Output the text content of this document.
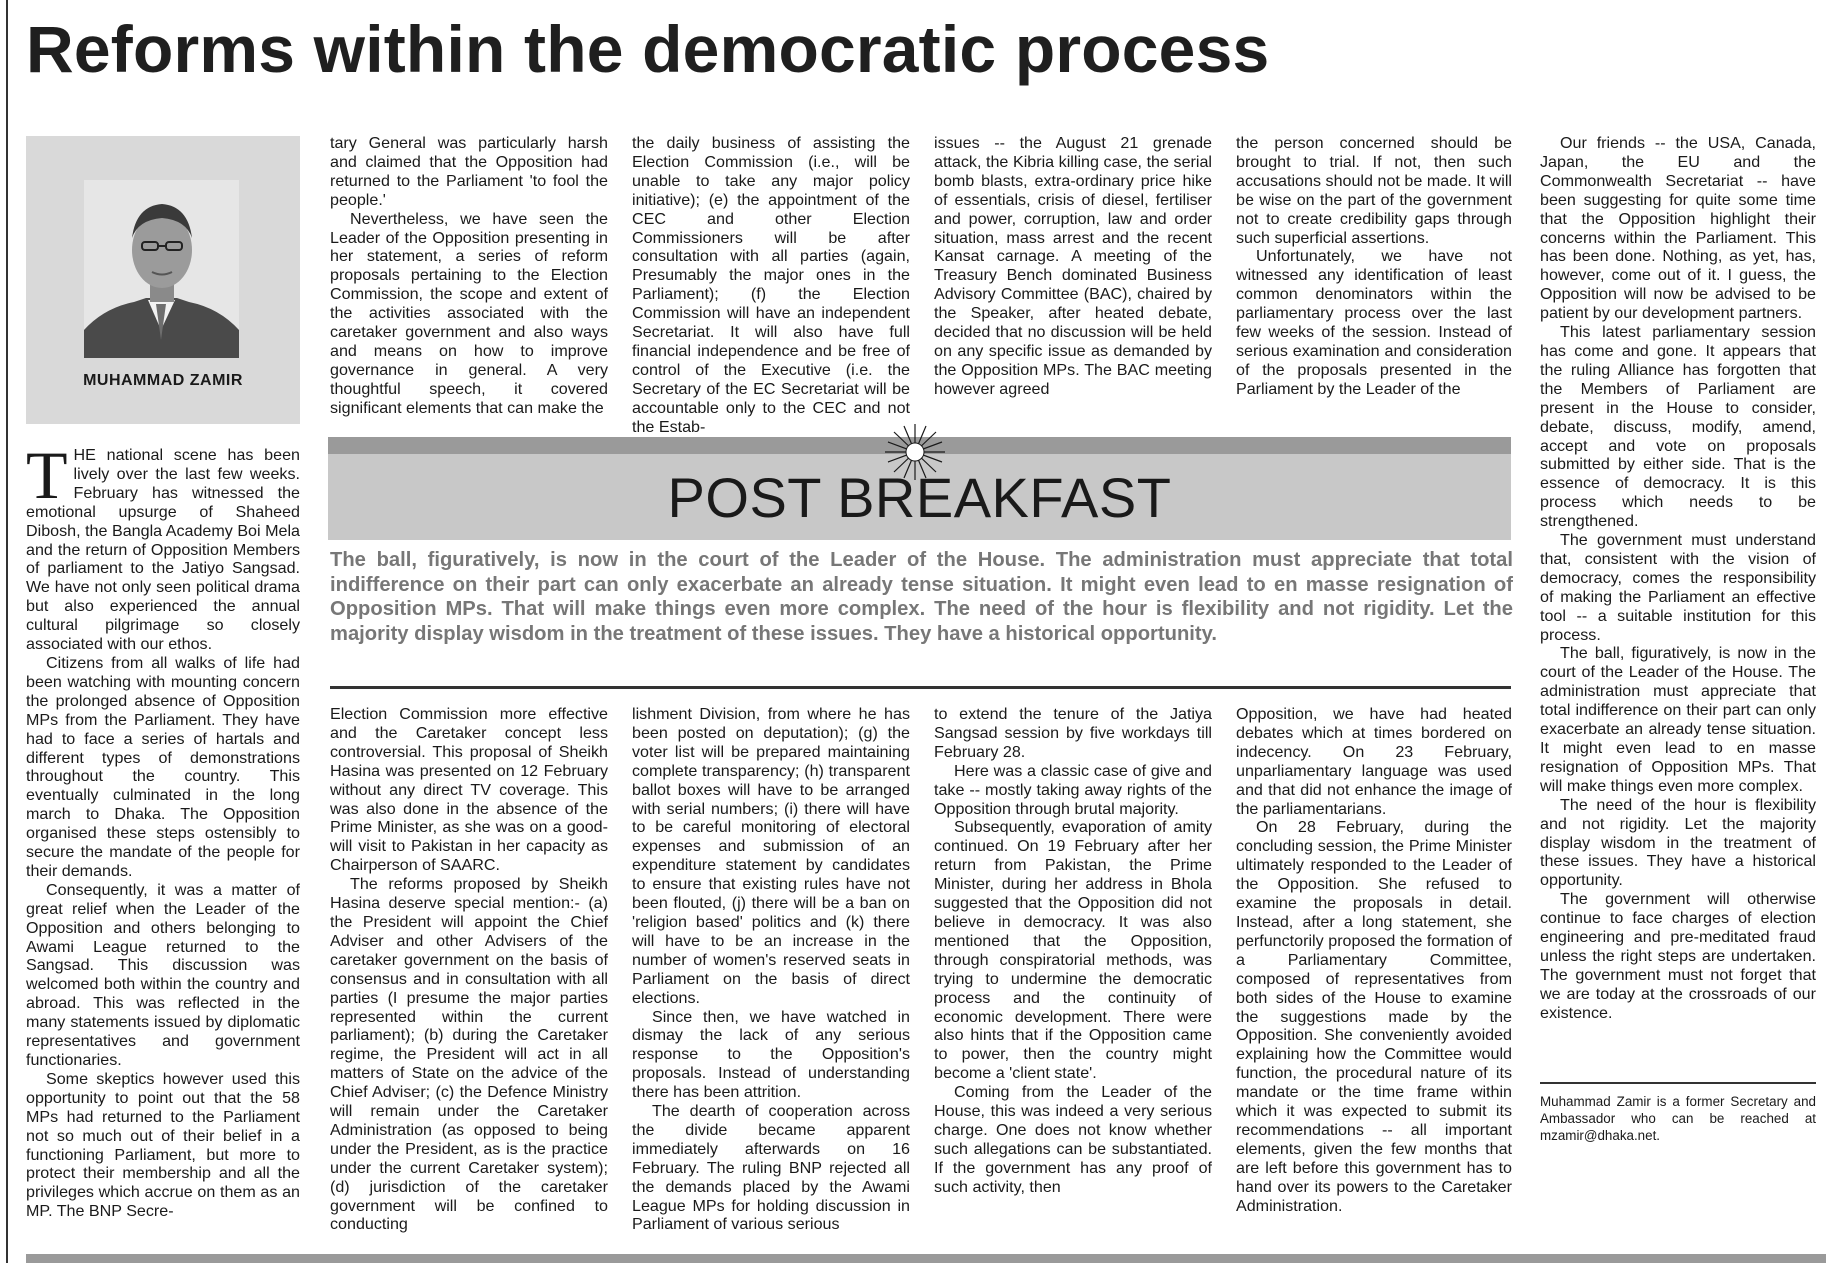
Reforms within the democratic process
MUHAMMAD ZAMIR

THE national scene has been lively over the last few weeks. February has witnessed the emotional upsurge of Shaheed Dibosh, the Bangla Academy Boi Mela and the return of Opposition Members of parliament to the Jatiyo Sangsad. We have not only seen political drama but also experienced the annual cultural pilgrimage so closely associated with our ethos.

Citizens from all walks of life had been watching with mounting concern the prolonged absence of Opposition MPs from the Parliament. They have had to face a series of hartals and different types of demonstrations throughout the country. This eventually culminated in the long march to Dhaka. The Opposition organised these steps ostensibly to secure the mandate of the people for their demands.

Consequently, it was a matter of great relief when the Leader of the Opposition and others belonging to Awami League returned to the Sangsad. This discussion was welcomed both within the country and abroad. This was reflected in the many statements issued by diplomatic representatives and government functionaries.

Some skeptics however used this opportunity to point out that the 58 MPs had returned to the Parliament not so much out of their belief in a functioning Parliament, but more to protect their membership and all the privileges which accrue on them as an MP. The BNP Secre-

tary General was particularly harsh and claimed that the Opposition had returned to the Parliament 'to fool the people.'

Nevertheless, we have seen the Leader of the Opposition presenting in her statement, a series of reform proposals pertaining to the Election Commission, the scope and extent of the activities associated with the caretaker government and also ways and means on how to improve governance in general. A very thoughtful speech, it covered significant elements that can make the

the daily business of assisting the Election Commission (i.e., will be unable to take any major policy initiative); (e) the appointment of the CEC and other Election Commissioners will be after consultation with all parties (again, Presumably the major ones in the Parliament); (f) the Election Commission will have an independent Secretariat. It will also have full financial independence and be free of control of the Executive (i.e. the Secretary of the EC Secretariat will be accountable only to the CEC and not the Estab-

issues -- the August 21 grenade attack, the Kibria killing case, the serial bomb blasts, extra-ordinary price hike of essentials, crisis of diesel, fertiliser and power, corruption, law and order situation, mass arrest and the recent Kansat carnage. A meeting of the Treasury Bench dominated Business Advisory Committee (BAC), chaired by the Speaker, after heated debate, decided that no discussion will be held on any specific issue as demanded by the Opposition MPs. The BAC meeting however agreed

the person concerned should be brought to trial. If not, then such accusations should not be made. It will be wise on the part of the government not to create credibility gaps through such superficial assertions.

Unfortunately, we have not witnessed any identification of least common denominators within the parliamentary process over the last few weeks of the session. Instead of serious examination and consideration of the proposals presented in the Parliament by the Leader of the

POST BREAKFAST
The ball, figuratively, is now in the court of the Leader of the House. The administration must appreciate that total indifference on their part can only exacerbate an already tense situation. It might even lead to en masse resignation of Opposition MPs. That will make things even more complex. The need of the hour is flexibility and not rigidity. Let the majority display wisdom in the treatment of these issues. They have a historical opportunity.

Election Commission more effective and the Caretaker concept less controversial. This proposal of Sheikh Hasina was presented on 12 February without any direct TV coverage. This was also done in the absence of the Prime Minister, as she was on a good-will visit to Pakistan in her capacity as Chairperson of SAARC.

The reforms proposed by Sheikh Hasina deserve special mention:- (a) the President will appoint the Chief Adviser and other Advisers of the caretaker government on the basis of consensus and in consultation with all parties (I presume the major parties represented within the current parliament); (b) during the Caretaker regime, the President will act in all matters of State on the advice of the Chief Adviser; (c) the Defence Ministry will remain under the Caretaker Administration (as opposed to being under the President, as is the practice under the current Caretaker system); (d) jurisdiction of the caretaker government will be confined to conducting

lishment Division, from where he has been posted on deputation); (g) the voter list will be prepared maintaining complete transparency; (h) transparent ballot boxes will have to be arranged with serial numbers; (i) there will have to be careful monitoring of electoral expenses and submission of an expenditure statement by candidates to ensure that existing rules have not been flouted, (j) there will be a ban on 'religion based' politics and (k) there will have to be an increase in the number of women's reserved seats in Parliament on the basis of direct elections.

Since then, we have watched in dismay the lack of any serious response to the Opposition's proposals. Instead of understanding there has been attrition.

The dearth of cooperation across the divide became apparent immediately afterwards on 16 February. The ruling BNP rejected all the demands placed by the Awami League MPs for holding discussion in Parliament of various serious

to extend the tenure of the Jatiya Sangsad session by five workdays till February 28.

Here was a classic case of give and take -- mostly taking away rights of the Opposition through brutal majority.

Subsequently, evaporation of amity continued. On 19 February after her return from Pakistan, the Prime Minister, during her address in Bhola suggested that the Opposition did not believe in democracy. It was also mentioned that the Opposition, through conspiratorial methods, was trying to undermine the democratic process and the continuity of economic development. There were also hints that if the Opposition came to power, then the country might become a 'client state'.

Coming from the Leader of the House, this was indeed a very serious charge. One does not know whether such allegations can be substantiated. If the government has any proof of such activity, then

Opposition, we have had heated debates which at times bordered on indecency. On 23 February, unparliamentary language was used and that did not enhance the image of the parliamentarians.

On 28 February, during the concluding session, the Prime Minister ultimately responded to the Leader of the Opposition. She refused to examine the proposals in detail. Instead, after a long statement, she perfunctorily proposed the formation of a Parliamentary Committee, composed of representatives from both sides of the House to examine the suggestions made by the Opposition. She conveniently avoided explaining how the Committee would function, the procedural nature of its mandate or the time frame within which it was expected to submit its recommendations -- all important elements, given the few months that are left before this government has to hand over its powers to the Caretaker Administration.

Our friends -- the USA, Canada, Japan, the EU and the Commonwealth Secretariat -- have been suggesting for quite some time that the Opposition highlight their concerns within the Parliament. This has been done. Nothing, as yet, has, however, come out of it. I guess, the Opposition will now be advised to be patient by our development partners.

This latest parliamentary session has come and gone. It appears that the ruling Alliance has forgotten that the Members of Parliament are present in the House to consider, debate, discuss, modify, amend, accept and vote on proposals submitted by either side. That is the essence of democracy. It is this process which needs to be strengthened.

The government must understand that, consistent with the vision of democracy, comes the responsibility of making the Parliament an effective tool -- a suitable institution for this process.

The ball, figuratively, is now in the court of the Leader of the House. The administration must appreciate that total indifference on their part can only exacerbate an already tense situation. It might even lead to en masse resignation of Opposition MPs. That will make things even more complex.

The need of the hour is flexibility and not rigidity. Let the majority display wisdom in the treatment of these issues. They have a historical opportunity.

The government will otherwise continue to face charges of election engineering and pre-meditated fraud unless the right steps are undertaken. The government must not forget that we are today at the crossroads of our existence.

Muhammad Zamir is a former Secretary and Ambassador who can be reached at mzamir@dhaka.net.
